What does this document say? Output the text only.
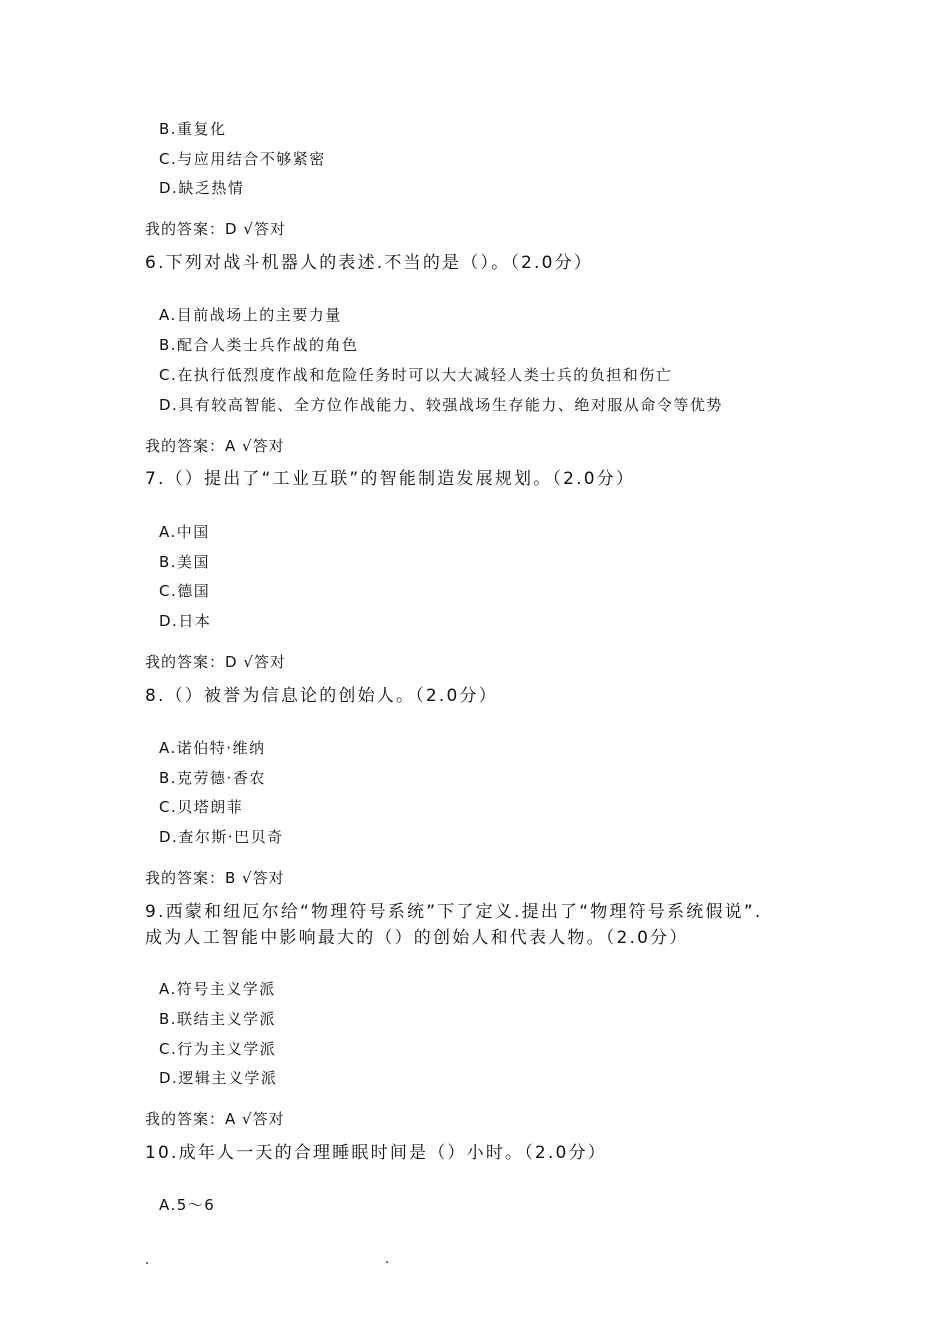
B.重复化
C.与应用结合不够紧密
D.缺乏热情
我的答案：D √答对
6.下列对战斗机器人的表述.不当的是（）。（2.0分）
A.目前战场上的主要力量
B.配合人类士兵作战的角色
C.在执行低烈度作战和危险任务时可以大大减轻人类士兵的负担和伤亡
D.具有较高智能、全方位作战能力、较强战场生存能力、绝对服从命令等优势
我的答案：A √答对
7.（）提出了“工业互联”的智能制造发展规划。（2.0分）
A.中国
B.美国
C.德国
D.日本
我的答案：D √答对
8.（）被誉为信息论的创始人。（2.0分）
A.诺伯特·维纳
B.克劳德·香农
C.贝塔朗菲
D.查尔斯·巴贝奇
我的答案：B √答对
9.西蒙和纽厄尔给“物理符号系统”下了定义.提出了“物理符号系统假说”.
成为人工智能中影响最大的（）的创始人和代表人物。（2.0分）
A.符号主义学派
B.联结主义学派
C.行为主义学派
D.逻辑主义学派
我的答案：A √答对
10.成年人一天的合理睡眠时间是（）小时。（2.0分）
A.5～6
